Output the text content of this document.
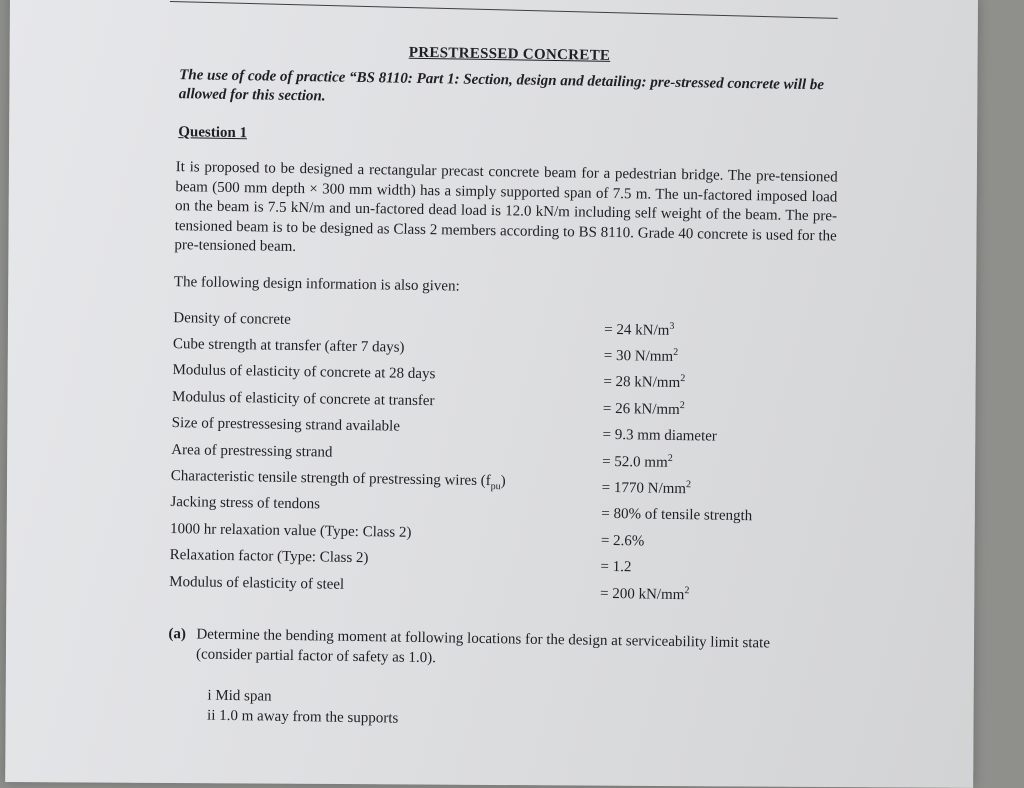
PRESTRESSED CONCRETE
The use of code of practice “BS 8110: Part 1: Section, design and detailing: pre-stressed concrete will be allowed for this section.
Question 1
It is proposed to be designed a rectangular precast concrete beam for a pedestrian bridge. The pre-tensioned beam (500 mm depth × 300 mm width) has a simply supported span of 7.5 m. The un-factored imposed load on the beam is 7.5 kN/m and un-factored dead load is 12.0 kN/m including self weight of the beam. The pre-tensioned beam is to be designed as Class 2 members according to BS 8110. Grade 40 concrete is used for the pre-tensioned beam.
The following design information is also given:
Density of concrete
= 24 $kN/m^3$
Cube strength at transfer (after 7 days)
= 30 $N/mm^2$
Modulus of elasticity of concrete at 28 days
= 28 $kN/mm^2$
Modulus of elasticity of concrete at transfer
= 26 $kN/mm^2$
Size of prestressesing strand available
= 9.3 mm diameter
Area of prestressing strand
= 52.0 $mm^2$
Characteristic tensile strength of prestressing wires $(f_{pu})$	= 1770 $N/mm^2$
Jacking stress of tendons
= 80% of tensile strength
1000 hr relaxation value (Type: Class 2)
= 2.6%
Relaxation factor (Type: Class 2)
= 1.2
Modulus of elasticity of steel
= 200 $kN/mm^2$
(a) Determine the bending moment at following locations for the design at serviceability limit state (consider partial factor of safety as 1.0).
i Mid span
ii 1.0 m away from the supports
